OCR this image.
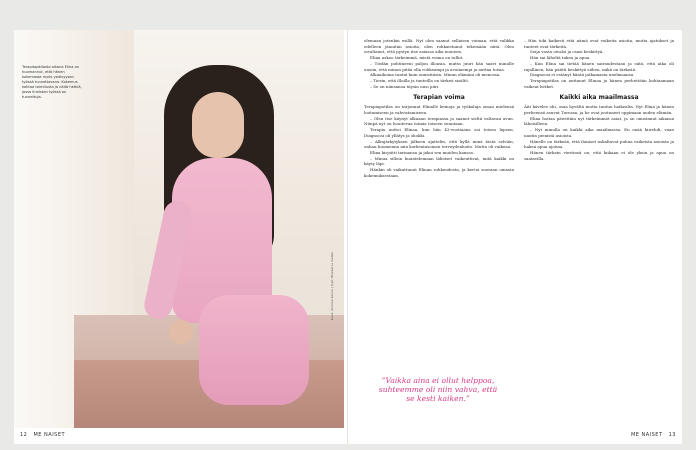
Terapiapotilasta aikana Elina on huomannut, että hänen kokemasta myös ystävyysen työssä tunnettavana. Kokemus kohtaa toimitusta ja näitä hetkiä, jossa ihmisten työssä on tunnettuja.
Kuva: Anniina Sainio | Tyyli: Hiukset ja meikki
12 ME NAISET

olemaan jotenkin esillä. Nyt olen saanut sellaisen voiman, että valikka edelleen jännitän asioita, olen rohkaistunut tekemään niitä. Olen oivaltanut, että pystyn itse asiassa aika moneen.

Elina uskoo tärkeimmä, mistä voima on tullut.

– Tiedän pohtineeni paljon illoasia, mutta juuri hän saavi minulle uusiin, että minun pitää olla rohkeampi ja avoimempi ja auttaa toisia.

Alkuaikoina tuntui kuin onnistuisin. Minun elämäni oli menossa.

– Tiesin, että illoilla ja tunteilla on tärkeä sisältö.

– Se on niinsanoa täysin uusi piiri.

Terapian voima

Terapiapotilas on tarjonnut Elinalle keinoja ja työkaluja oman mielensä hoitamiseen ja vahvistamiseen.

– Olen itse käynyt alkuaan terapiassa ja saanut sieltä valtavan avun. Niinpä nyt on luontevaa toimia toiseen suuntaan.

Terapia auttoi Elinaa, kun hän 43-vuotiaana sai toisen lapsen. Diagnoosi oli yllätys ja shokki.

– Alkujärkytyksen jälkeen ajattelin, että kyllä minä tästä selviän, onhan huomenna niin korkeatasoinen terveydenhoito. Mutta oli vaikeaa.

Elina kirjoitti tarinansa ja jakoi sen muiden kanssa.

– Minua silloin kuuntelemaan läheiset vaikeuttivat, mitä kaikki on käyty läpi.

Hänkin oli vaikuttunut Elinan rohkeudesta, ja kertoi suoraan omasta kokemuksestaan.

”Vaikka aina ei ollut helppoa, suhteemme oli niin vahva, että se kesti kaiken.”

– Hän toki kaikesti että nämä ovat vaikeita asioita, mutta ajatukset ja tunteet ovat tärkeitä.

Seija vasta oivalsi ja osasi keskittyä.

Hän sai läheltä tukea ja apua.

– Kun Elina sai tietää hänen sairaudestaan ja siitä, että aika oli rajallinen, hän päätti keskittyä siihen, mikä on tärkeää.

Diagnoosi ei estänyt häntä jatkamasta unelmaansa.

Terapiapotilas on auttanut Elinaa ja hänen perhettään kohtaamaan vaikeat hetket.

Kaikki aika maailmassa

Äiti kävelee ohi, osaa hyvältä mutta tuntuu haikealta. Nyt Elina ja hänen perheensä asuvat Turussa, ja he ovat joutuneet oppimaan uuden elämän.

Elina hoitaa päivittäin nyt tärkeimmät asiat, ja on omistanut aikansa läheisilleen.

– Nyt minulla on kaikki aika maailmassa. En enää kiirehdi, vaan nautin pienistä asioista.

Hänelle on tärkeää, että ihmiset uskaltavat puhua vaikeista asioista ja hakea apua ajoissa.

Hänen tärkein viestinsä on, että kukaan ei ole yksin ja apua on saatavilla.

ME NAISET 13
